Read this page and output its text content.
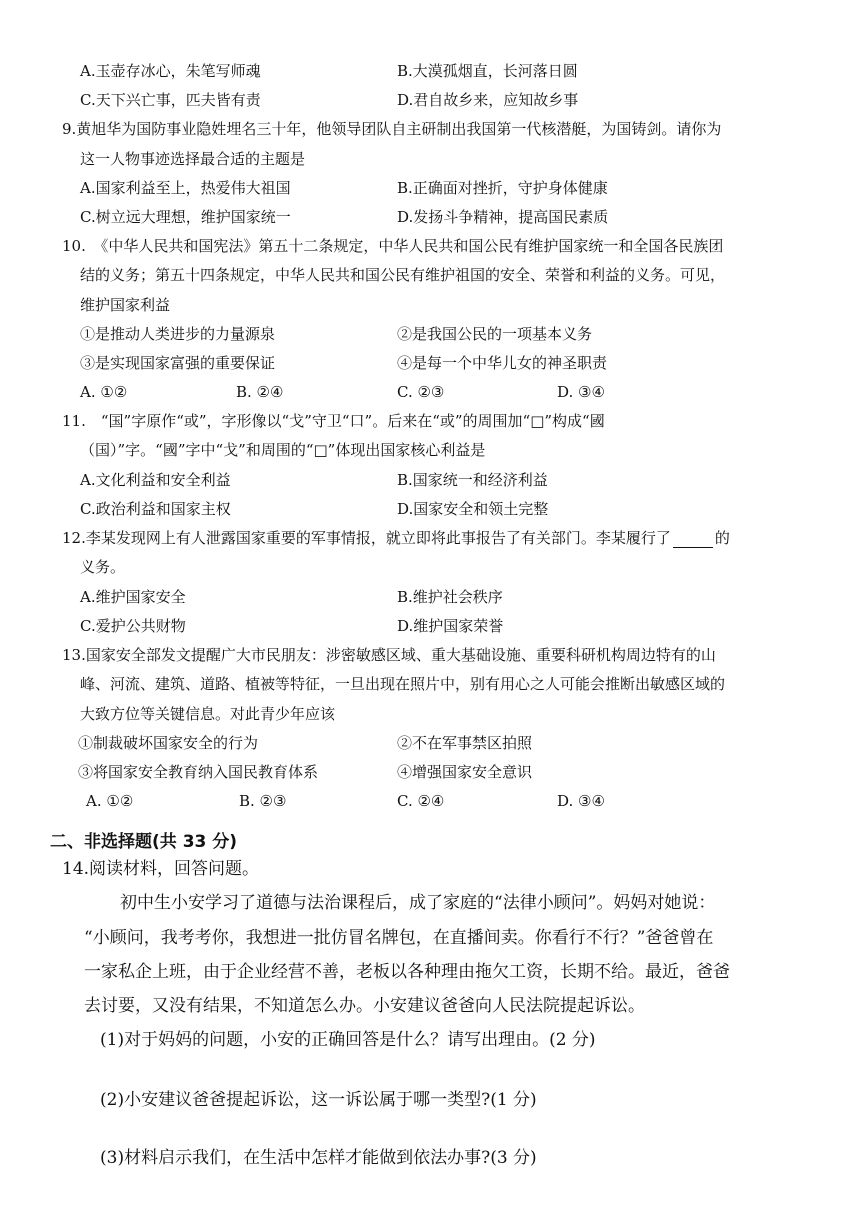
A.玉壶存冰心，朱笔写师魂	B.大漠孤烟直，长河落日圆
C.天下兴亡事，匹夫皆有责	D.君自故乡来，应知故乡事
9.黄旭华为国防事业隐姓埋名三十年，他领导团队自主研制出我国第一代核潜艇，为国铸剑。请你为
这一人物事迹选择最合适的主题是
A.国家利益至上，热爱伟大祖国	B.正确面对挫折，守护身体健康
C.树立远大理想，维护国家统一	D.发扬斗争精神，提高国民素质
10.　《中华人民共和国宪法》第五十二条规定，中华人民共和国公民有维护国家统一和全国各民族团
结的义务；第五十四条规定，中华人民共和国公民有维护祖国的安全、荣誉和利益的义务。可见，
维护国家利益
①是推动人类进步的力量源泉	②是我国公民的一项基本义务
③是实现国家富强的重要保证	④是每一个中华儿女的神圣职责
A. ①②	B. ②④	C. ②③	D. ③④
11.　“国”字原作“或”，字形像以“戈”守卫“口”。后来在“或”的周围加“□”构成“國
（国）”字。“國”字中“戈”和周围的“□”体现出国家核心利益是
A.文化利益和安全利益	B.国家统一和经济利益
C.政治利益和国家主权	D.国家安全和领土完整
12.李某发现网上有人泄露国家重要的军事情报，就立即将此事报告了有关部门。李某履行了	的
义务。
A.维护国家安全	B.维护社会秩序
C.爱护公共财物	D.维护国家荣誉
13.国家安全部发文提醒广大市民朋友：涉密敏感区域、重大基础设施、重要科研机构周边特有的山
峰、河流、建筑、道路、植被等特征，一旦出现在照片中，别有用心之人可能会推断出敏感区域的
大致方位等关键信息。对此青少年应该
①制裁破坏国家安全的行为	②不在军事禁区拍照
③将国家安全教育纳入国民教育体系	④增强国家安全意识
A. ①②	B. ②③	C. ②④	D. ③④
二、非选择题(共 33 分)
14.阅读材料，回答问题。
初中生小安学习了道德与法治课程后，成了家庭的“法律小顾问”。妈妈对她说：
“小顾问，我考考你，我想进一批仿冒名牌包，在直播间卖。你看行不行？”爸爸曾在
一家私企上班，由于企业经营不善，老板以各种理由拖欠工资，长期不给。最近，爸爸
去讨要，又没有结果，不知道怎么办。小安建议爸爸向人民法院提起诉讼。
(1)对于妈妈的问题，小安的正确回答是什么？请写出理由。(2 分)
(2)小安建议爸爸提起诉讼，这一诉讼属于哪一类型?(1 分)
(3)材料启示我们，在生活中怎样才能做到依法办事?(3 分)
